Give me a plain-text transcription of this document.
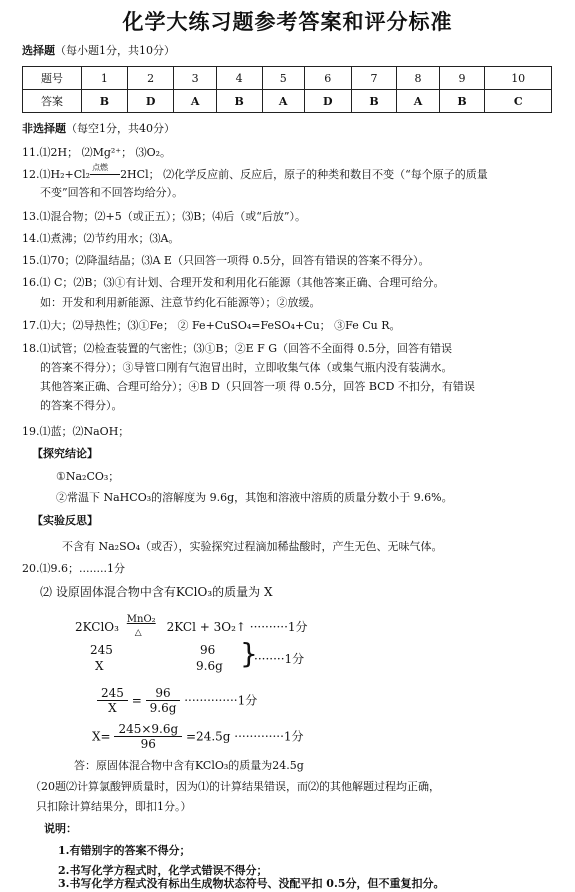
化学大练习题参考答案和评分标准
选择题（每小题1分，共10分）
题号	1	2	3	4	5	6	7	8	9	10
答案	B	D	A	B	A	D	B	A	B	C
非选择题（每空1分，共40分）
11.⑴2H； ⑵Mg²⁺； ⑶O₂。
12.⑴H₂+Cl₂
点燃
2HCl； ⑵化学反应前、反应后，原子的种类和数目不变（“每个原子的质量
不变”回答和不回答均给分）。
13.⑴混合物；⑵+5（或正五）；⑶B；⑷后（或“后放”）。
14.⑴煮沸；⑵节约用水；⑶A。
15.⑴70；⑵降温结晶；⑶A E（只回答一项得 0.5分，回答有错误的答案不得分）。
16.⑴ C；⑵B；⑶①有计划、合理开发和利用化石能源（其他答案正确、合理可给分。
如：开发和利用新能源、注意节约化石能源等）；②放缓。
17.⑴大；⑵导热性；⑶①Fe； ② Fe+CuSO₄=FeSO₄+Cu； ③Fe Cu R。
18.⑴试管；⑵检查装置的气密性；⑶①B；②E F G（回答不全面得 0.5分，回答有错误
的答案不得分）；③导管口刚有气泡冒出时，立即收集气体（或集气瓶内没有装满水。
其他答案正确、合理可给分）；④B D（只回答一项 得 0.5分，回答 BCD 不扣分，有错误
的答案不得分）。
19.⑴蓝；⑵NaOH；
【探究结论】
①Na₂CO₃；
②常温下 NaHCO₃的溶解度为 9.6g，其饱和溶液中溶质的质量分数小于 9.6%。
【实验反思】
不含有 Na₂SO₄（或否），实验探究过程滴加稀盐酸时，产生无色、无味气体。
20.⑴9.6；........1分
⑵ 设原固体混合物中含有KClO₃的质量为 X
2KClO₃
MnO₂
△ 2KCl + 3O₂↑ ··········1分
245	96
X	9.6g }
········1分
$\frac{245}{X} = \frac{96}{9.6g} \cdot\cdot\cdot\cdot\cdot\cdot\cdot\cdot\cdot\cdot\cdot\cdot\cdot\cdot 1$分
$X= \frac{245\times 9.6g}{96} =24.5g \cdot\cdot\cdot\cdot\cdot\cdot\cdot\cdot\cdot\cdot\cdot\cdot\cdot 1$分
答：原固体混合物中含有KClO₃的质量为24.5g
（20题⑵计算氯酸钾质量时，因为⑴的计算结果错误，而⑵的其他解题过程均正确，
只扣除计算结果分，即扣1分。）
说明：
1.有错别字的答案不得分；
2.书写化学方程式时，化学式错误不得分；
3.书写化学方程式没有标出生成物状态符号、没配平扣 0.5分，但不重复扣分。
